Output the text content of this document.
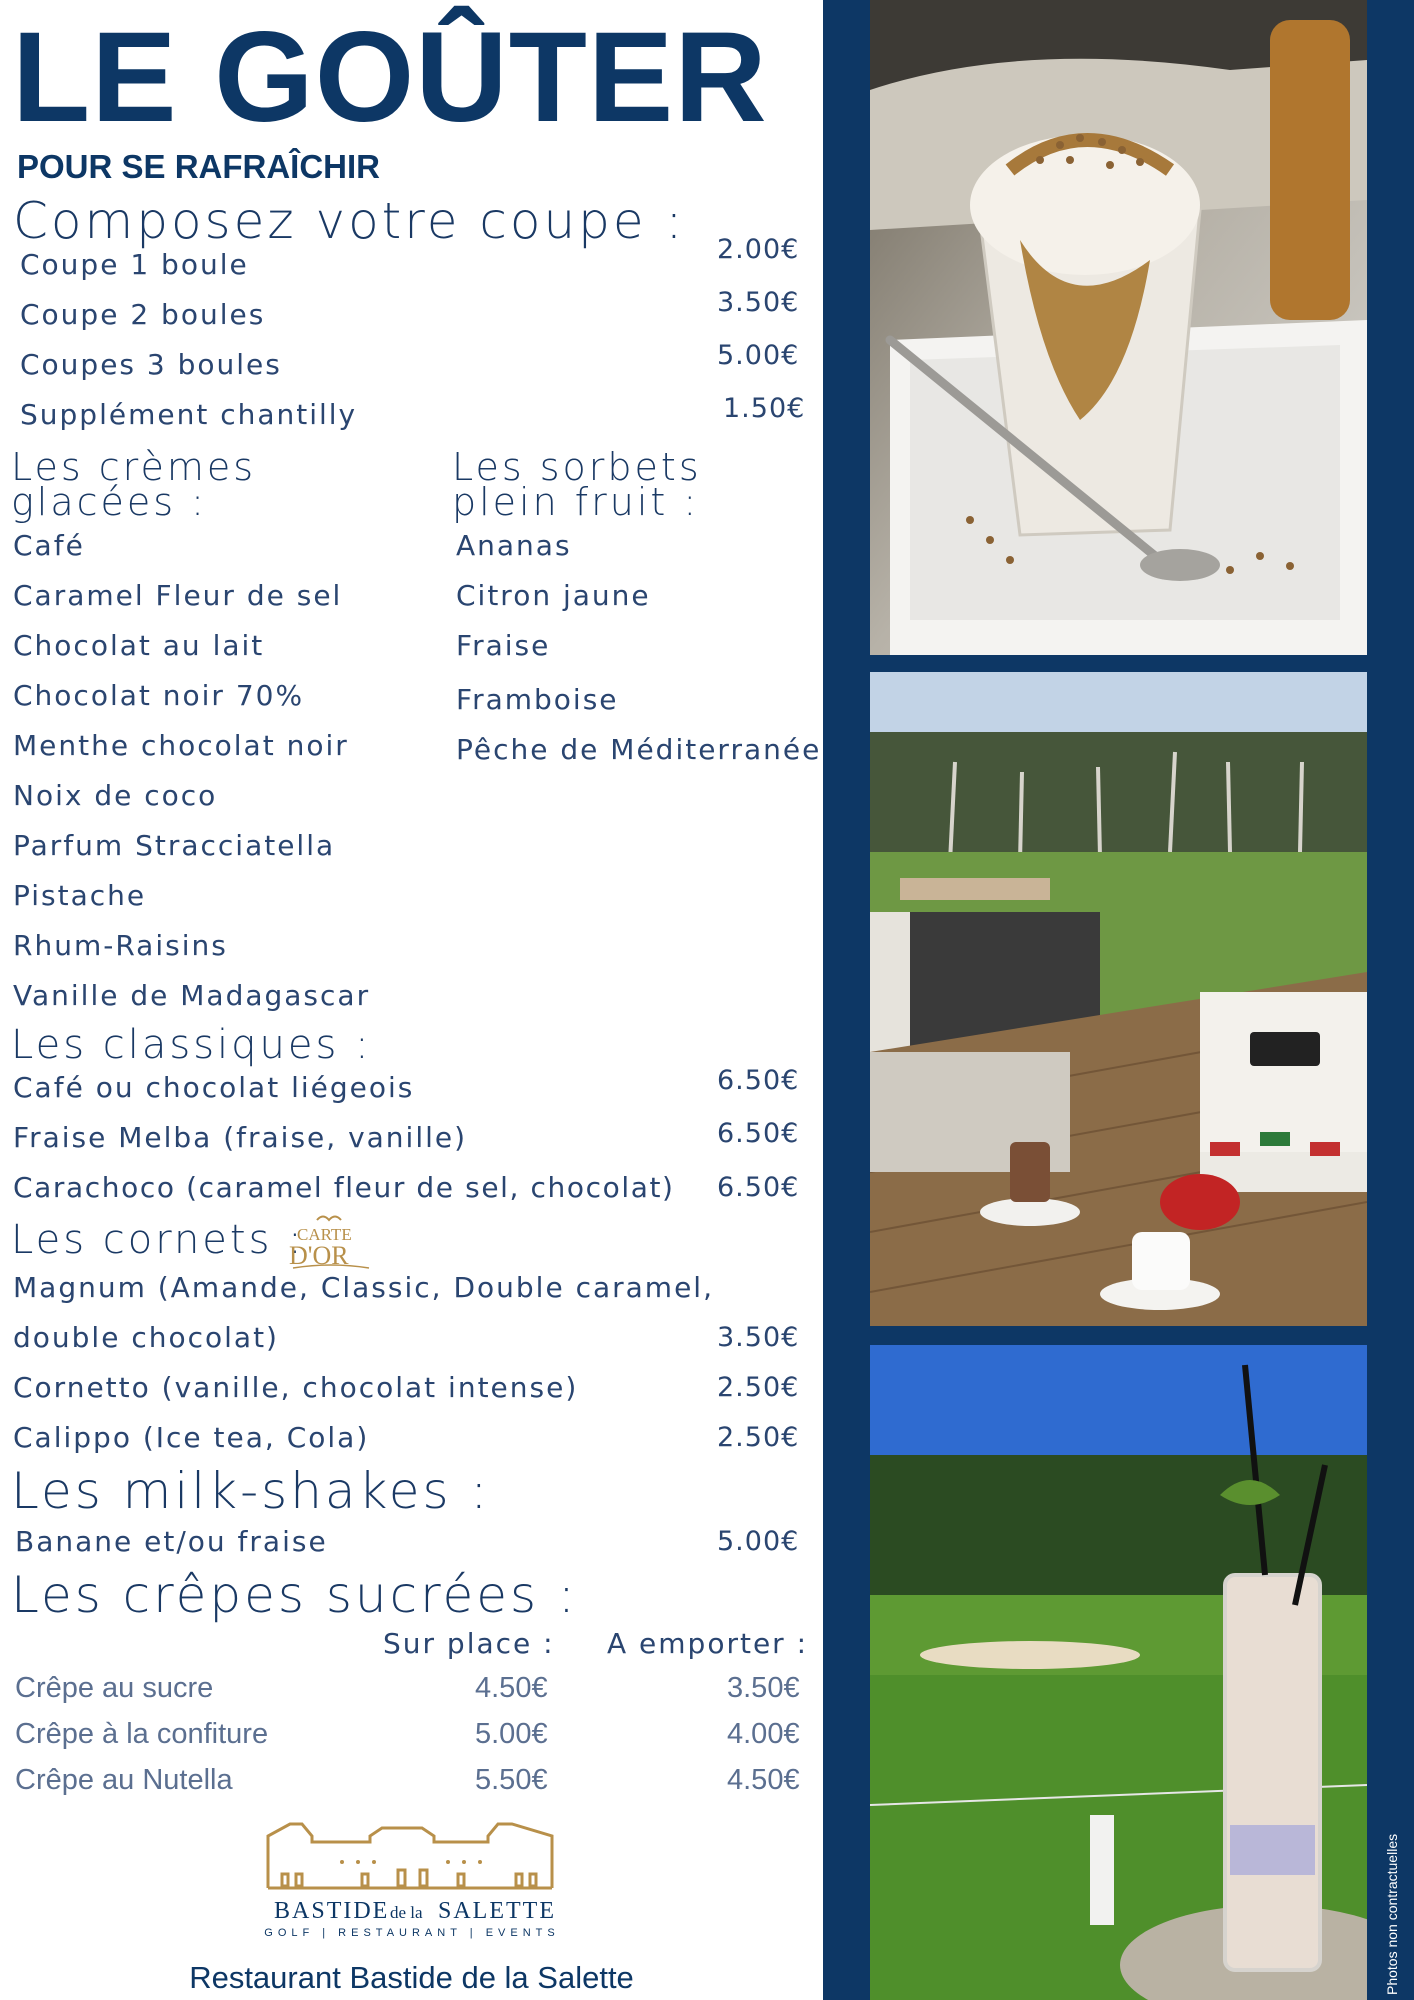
LE GOÛTER
POUR SE RAFRAÎCHIR
Composez votre coupe :
Coupe 1 boule	2.00€
Coupe 2 boules	3.50€
Coupes 3 boules	5.00€
Supplément chantilly	1.50€
Les crèmes
glacées :
Café
Caramel Fleur de sel
Chocolat au lait
Chocolat noir 70%
Menthe chocolat noir
Noix de coco
Parfum Stracciatella
Pistache
Rhum-Raisins
Vanille de Madagascar
Les sorbets
plein fruit :
Ananas
Citron jaune
Fraise
Framboise
Pêche de Méditerranée
Les classiques :
Café ou chocolat liégeois	6.50€
Fraise Melba (fraise, vanille)	6.50€
Carachoco (caramel fleur de sel, chocolat) 6.50€
Les cornets :
CARTE
D'OR
Magnum (Amande, Classic, Double caramel,
double chocolat)	3.50€
Cornetto (vanille, chocolat intense)	2.50€
Calippo (Ice tea, Cola)	2.50€
Les milk-shakes :
Banane et/ou fraise	5.00€
Les crêpes sucrées :
Sur place : A emporter :
Crêpe au sucre	4.50€	3.50€
Crêpe à la confiture	5.00€	4.00€
Crêpe au Nutella	5.50€	4.50€
BASTIDE de la SALETTE
GOLF | RESTAURANT | EVENTS
Restaurant Bastide de la Salette	Photos non contractuelles
